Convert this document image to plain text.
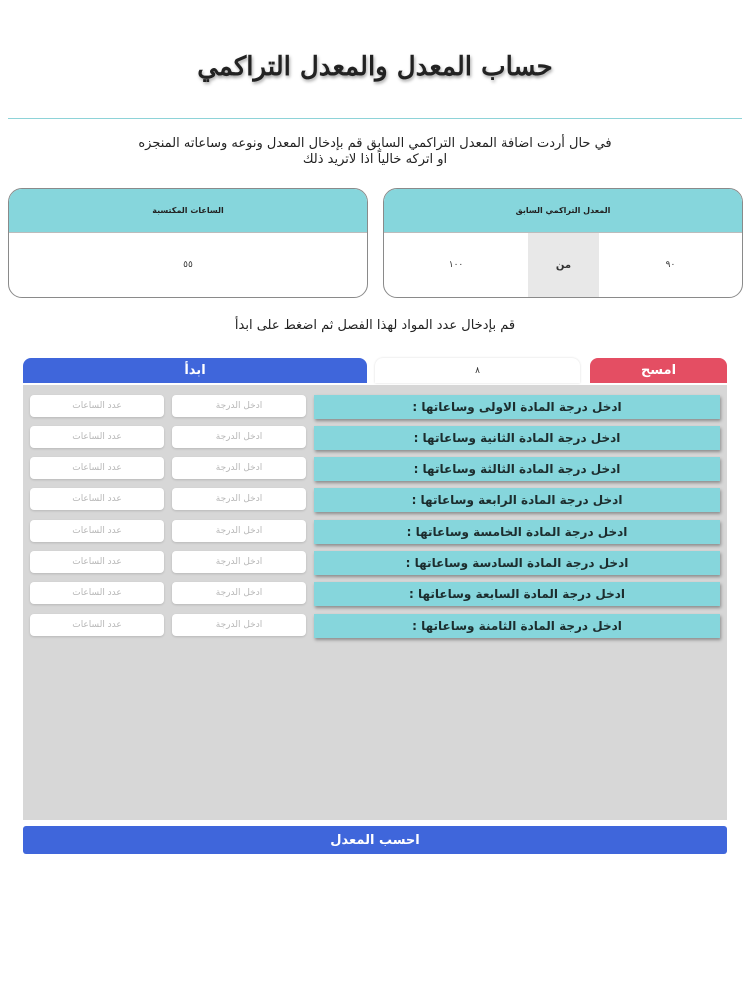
حساب المعدل والمعدل التراكمي
في حال أردت اضافة المعدل التراكمي السابق قم بإدخال المعدل ونوعه وساعاته المنجزه
او اتركه خالياً اذا لاتريد ذلك
الساعات المكتسبة
٥٥
المعدل التراكمي السابق
١٠٠	من	٩٠
قم بإدخال عدد المواد لهذا الفصل ثم اضغط على ابدأ
ابدأ	٨	امسح
عدد الساعات	ادخل الدرجة	ادخل درجة المادة الاولى وساعاتها :
عدد الساعات	ادخل الدرجة	ادخل درجة المادة الثانية وساعاتها :
عدد الساعات	ادخل الدرجة	ادخل درجة المادة الثالثة وساعاتها :
عدد الساعات	ادخل الدرجة	ادخل درجة المادة الرابعة وساعاتها :
عدد الساعات	ادخل الدرجة	ادخل درجة المادة الخامسة وساعاتها :
عدد الساعات	ادخل الدرجة	ادخل درجة المادة السادسة وساعاتها :
عدد الساعات	ادخل الدرجة	ادخل درجة المادة السابعة وساعاتها :
عدد الساعات	ادخل الدرجة	ادخل درجة المادة الثامنة وساعاتها :
احسب المعدل
